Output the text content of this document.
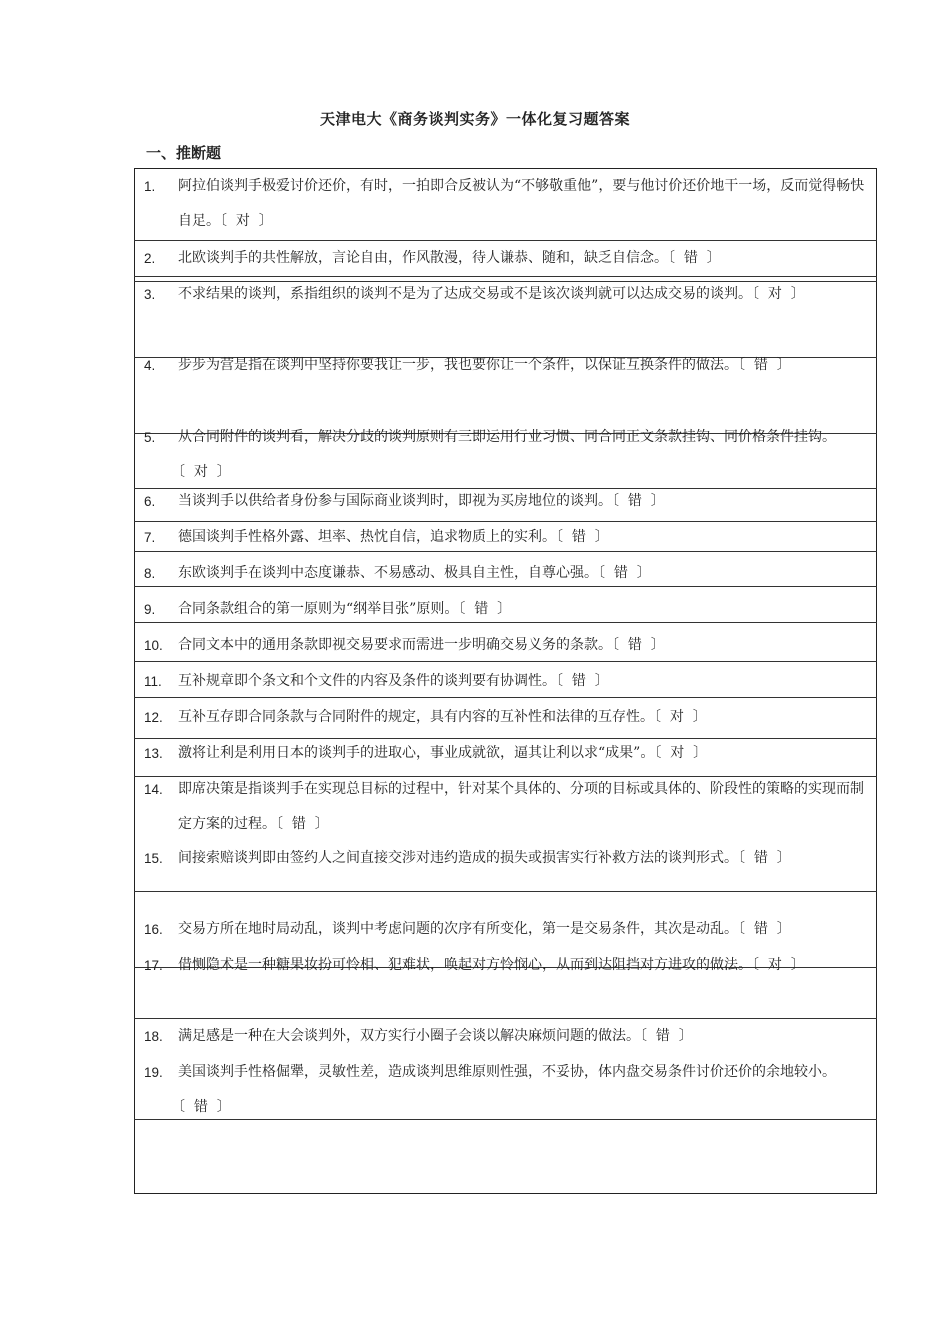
天津电大《商务谈判实务》一体化复习题答案
一、推断题
1.	阿拉伯谈判手极爱讨价还价，有时，一拍即合反被认为“不够敬重他”，要与他讨价还价地干一场，反而觉得畅快自足。〔  对  〕
2.	北欧谈判手的共性解放，言论自由，作风散漫，待人谦恭、随和，缺乏自信念。〔  错  〕
3.	不求结果的谈判，系指组织的谈判不是为了达成交易或不是该次谈判就可以达成交易的谈判。〔  对  〕
4.	步步为营是指在谈判中坚持你要我让一步，我也要你让一个条件，以保证互换条件的做法。〔  错  〕
5.	从合同附件的谈判看，解决分歧的谈判原则有三即运用行业习惯、同合同正文条款挂钩、同价格条件挂钩。〔  对  〕
6.	当谈判手以供给者身份参与国际商业谈判时，即视为买房地位的谈判。〔  错  〕
7.	德国谈判手性格外露、坦率、热忱自信，追求物质上的实利。〔  错  〕
8.	东欧谈判手在谈判中态度谦恭、不易感动、极具自主性，自尊心强。〔  错  〕
9.	合同条款组合的第一原则为“纲举目张”原则。〔  错  〕
10.	合同文本中的通用条款即视交易要求而需进一步明确交易义务的条款。〔  错  〕
11.	互补规章即个条文和个文件的内容及条件的谈判要有协调性。〔  错  〕
12.	互补互存即合同条款与合同附件的规定，具有内容的互补性和法律的互存性。〔  对  〕
13.	激将让利是利用日本的谈判手的进取心，事业成就欲，逼其让利以求“成果”。〔  对  〕
14.	即席决策是指谈判手在实现总目标的过程中，针对某个具体的、分项的目标或具体的、阶段性的策略的实现而制定方案的过程。〔  错  〕
15.	间接索赔谈判即由签约人之间直接交涉对违约造成的损失或损害实行补救方法的谈判形式。〔  错  〕
16.	交易方所在地时局动乱，谈判中考虑问题的次序有所变化，第一是交易条件，其次是动乱。〔  错  〕
17.	借恻隐术是一种糖果妆扮可怜相、犯难状，唤起对方怜悯心，从而到达阻挡对方进攻的做法。〔  对  〕
18.	满足感是一种在大会谈判外，双方实行小圈子会谈以解决麻烦问题的做法。〔  错  〕
19.	美国谈判手性格倔犟，灵敏性差，造成谈判思维原则性强，不妥协，体内盘交易条件讨价还价的余地较小。〔  错  〕
